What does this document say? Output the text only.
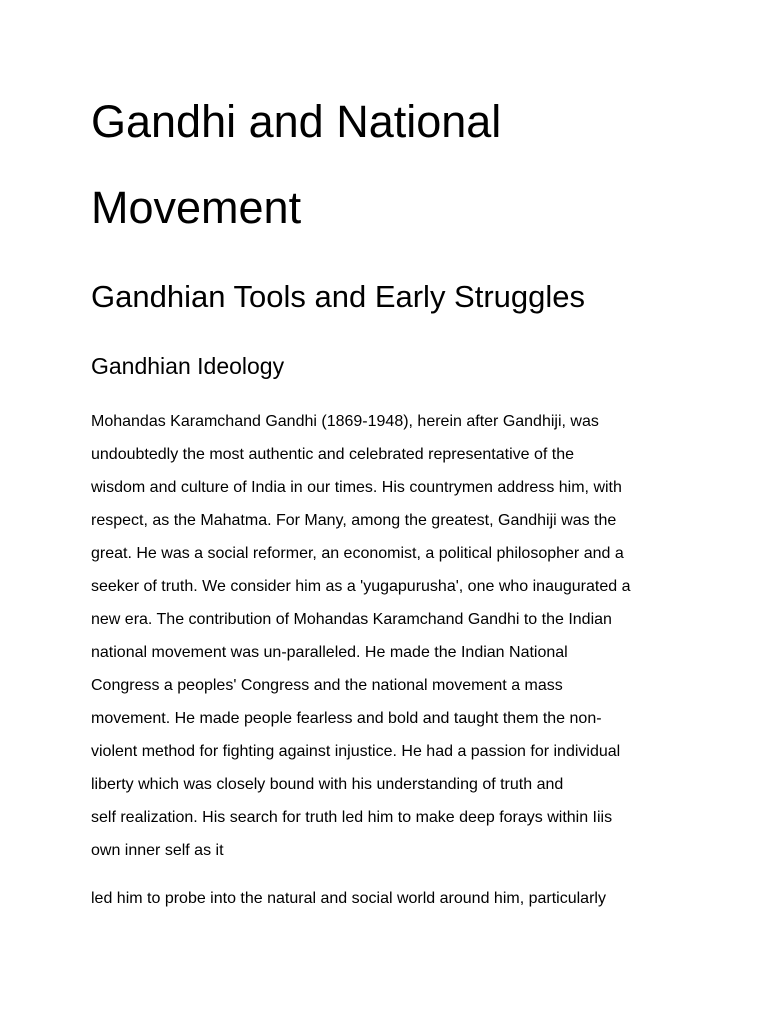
Gandhi and National
Movement
Gandhian Tools and Early Struggles
Gandhian Ideology

Mohandas Karamchand Gandhi (1869-1948), herein after Gandhiji, was
undoubtedly the most authentic and celebrated representative of the
wisdom and culture of India in our times. His countrymen address him, with
respect, as the Mahatma. For Many, among the greatest, Gandhiji was the
great. He was a social reformer, an economist, a political philosopher and a
seeker of truth. We consider him as a 'yugapurusha', one who inaugurated a
new era. The contribution of Mohandas Karamchand Gandhi to the Indian
national movement was un-paralleled. He made the Indian National
Congress a peoples' Congress and the national movement a mass
movement. He made people fearless and bold and taught them the non-
violent method for fighting against injustice. He had a passion for individual
liberty which was closely bound with his understanding of truth and
self realization. His search for truth led him to make deep forays within Iiis
own inner self as it

led him to probe into the natural and social world around him, particularly
